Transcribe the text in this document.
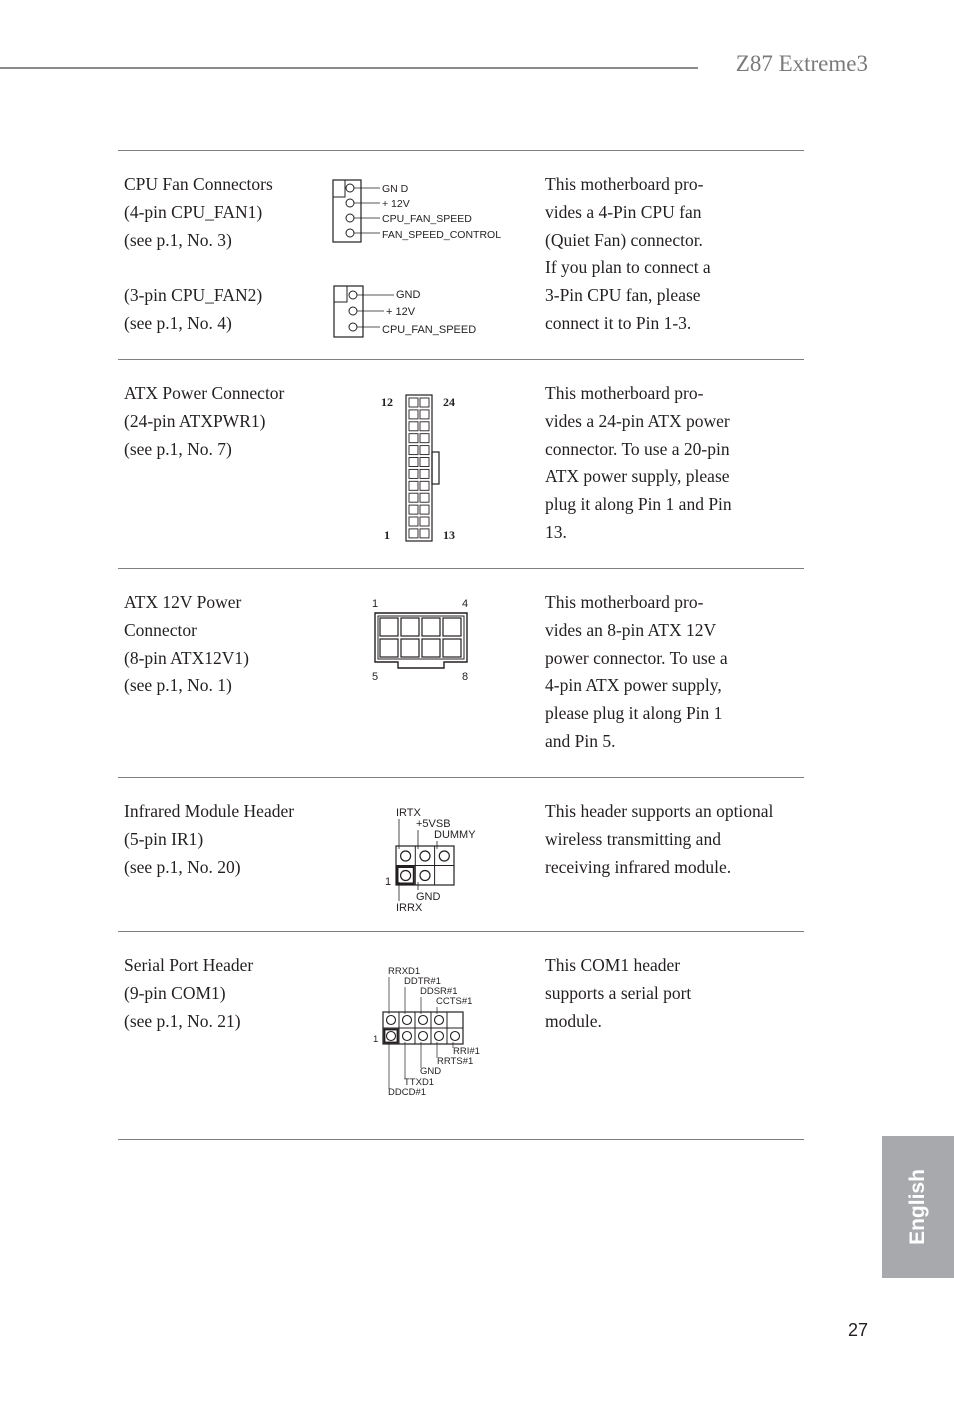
Z87 Extreme3
CPU Fan Connectors
(4-pin CPU_FAN1)
(see p.1, No. 3)

(3-pin CPU_FAN2)
(see p.1, No. 4)
This motherboard pro-
vides a 4-Pin CPU fan
(Quiet Fan) connector.
If you plan to connect a
3-Pin CPU fan, please
connect it to Pin 1-3.
GN D
+ 12V
CPU_FAN_SPEED
FAN_SPEED_CONTROL
GND
+ 12V
CPU_FAN_SPEED
ATX Power Connector
(24-pin ATXPWR1)
(see p.1, No. 7)
This motherboard pro-
vides a 24-pin ATX power
connector. To use a 20-pin
ATX power supply, please
plug it along Pin 1 and Pin
13.
12	24
1	13
ATX 12V Power
Connector
(8-pin ATX12V1)
(see p.1, No. 1)
This motherboard pro-
vides an 8-pin ATX 12V
power connector. To use a
4-pin ATX power supply,
please plug it along Pin 1
and Pin 5.
1	4
5	8
Infrared Module Header
(5-pin IR1)
(see p.1, No. 20)
This header supports an optional
wireless transmitting and
receiving infrared module.
IRTX
+5VSB
DUMMY
1
GND
IRRX
Serial Port Header
(9-pin COM1)
(see p.1, No. 21)
This COM1 header
supports a serial port
module.
RRXD1
DDTR#1
DDSR#1
CCTS#1
1
RRI#1
RRTS#1
GND
TTXD1
DDCD#1
English
27
